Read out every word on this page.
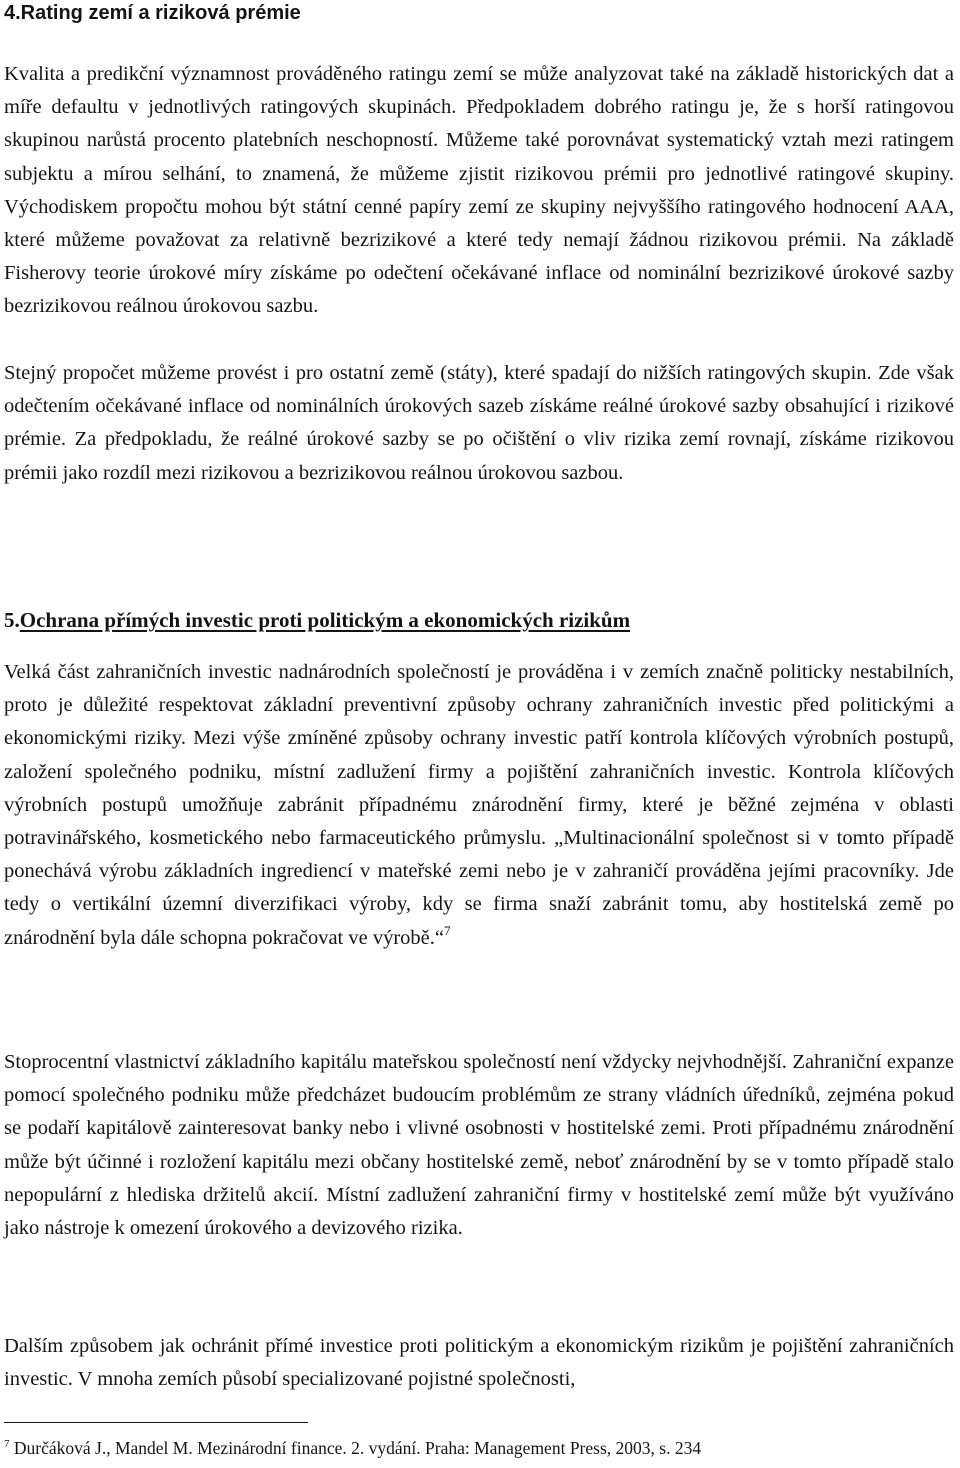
4.Rating zemí a riziková prémie

Kvalita a predikční významnost prováděného ratingu zemí se může analyzovat také na základě historických dat a míře defaultu v jednotlivých ratingových skupinách. Předpokladem dobrého ratingu je, že s horší ratingovou skupinou narůstá procento platebních neschopností. Můžeme také porovnávat systematický vztah mezi ratingem subjektu a mírou selhání, to znamená, že můžeme zjistit rizikovou prémii pro jednotlivé ratingové skupiny. Východiskem propočtu mohou být státní cenné papíry zemí ze skupiny nejvyššího ratingového hodnocení AAA, které můžeme považovat za relativně bezrizikové a které tedy nemají žádnou rizikovou prémii. Na základě Fisherovy teorie úrokové míry získáme po odečtení očekávané inflace od nominální bezrizikové úrokové sazby bezrizikovou reálnou úrokovou sazbu.

Stejný propočet můžeme provést i pro ostatní země (státy), které spadají do nižších ratingových skupin. Zde však odečtením očekávané inflace od nominálních úrokových sazeb získáme reálné úrokové sazby obsahující i rizikové prémie. Za předpokladu, že reálné úrokové sazby se po očištění o vliv rizika zemí rovnají, získáme rizikovou prémii jako rozdíl mezi rizikovou a bezrizikovou reálnou úrokovou sazbou.

5.Ochrana přímých investic proti politickým a ekonomických rizikům

Velká část zahraničních investic nadnárodních společností je prováděna i v zemích značně politicky nestabilních, proto je důležité respektovat základní preventivní způsoby ochrany zahraničních investic před politickými a ekonomickými riziky. Mezi výše zmíněné způsoby ochrany investic patří kontrola klíčových výrobních postupů, založení společného podniku, místní zadlužení firmy a pojištění zahraničních investic. Kontrola klíčových výrobních postupů umožňuje zabránit případnému znárodnění firmy, které je běžné zejména v oblasti potravinářského, kosmetického nebo farmaceutického průmyslu. „Multinacionální společnost si v tomto případě ponechává výrobu základních ingrediencí v mateřské zemi nebo je v zahraničí prováděna jejími pracovníky. Jde tedy o vertikální územní diverzifikaci výroby, kdy se firma snaží zabránit tomu, aby hostitelská země po znárodnění byla dále schopna pokračovat ve výrobě.“$^7$

Stoprocentní vlastnictví základního kapitálu mateřskou společností není vždycky nejvhodnější. Zahraniční expanze pomocí společného podniku může předcházet budoucím problémům ze strany vládních úředníků, zejména pokud se podaří kapitálově zainteresovat banky nebo i vlivné osobnosti v hostitelské zemi. Proti případnému znárodnění může být účinné i rozložení kapitálu mezi občany hostitelské země, neboť znárodnění by se v tomto případě stalo nepopulární z hlediska držitelů akcií. Místní zadlužení zahraniční firmy v hostitelské zemí může být využíváno jako nástroje k omezení úrokového a devizového rizika.

Dalším způsobem jak ochránit přímé investice proti politickým a ekonomickým rizikům je pojištění zahraničních investic. V mnoha zemích působí specializované pojistné společnosti,

$^7$ Durčáková J., Mandel M. Mezinárodní finance. 2. vydání. Praha: Management Press, 2003, s. 234
